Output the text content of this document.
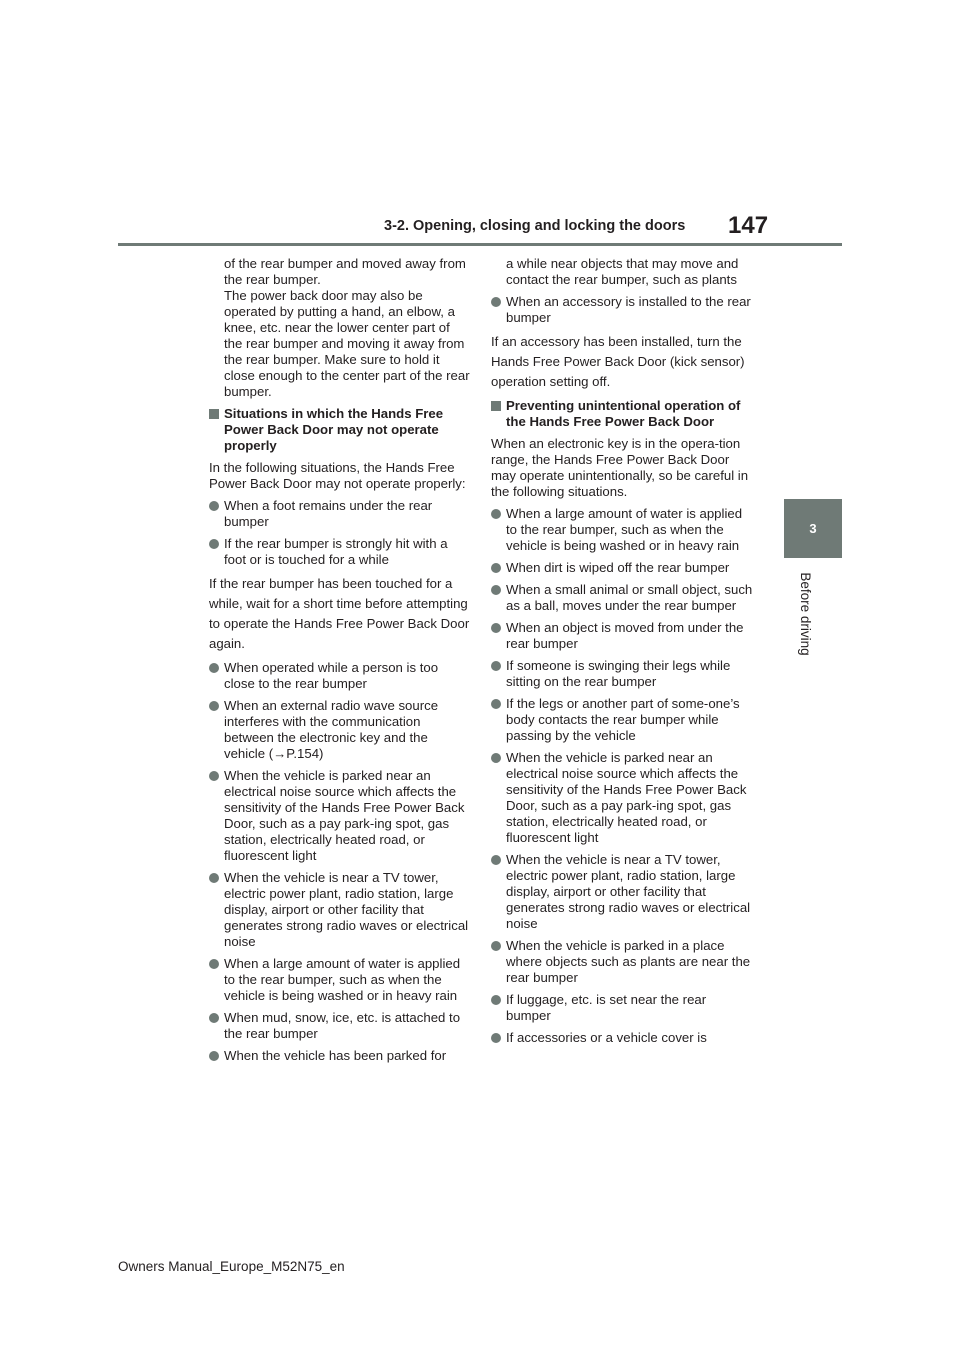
3-2. Opening, closing and locking the doors	147
3
Before driving
of the rear bumper and moved away from the rear bumper.
The power back door may also be operated by putting a hand, an elbow, a knee, etc. near the lower center part of the rear bumper and moving it away from the rear bumper. Make sure to hold it close enough to the center part of the rear bumper.
Situations in which the Hands Free Power Back Door may not operate properly
In the following situations, the Hands Free Power Back Door may not operate properly:
When a foot remains under the rear bumper
If the rear bumper is strongly hit with a foot or is touched for a while
If the rear bumper has been touched for a while, wait for a short time before attempting to operate the Hands Free Power Back Door again.
When operated while a person is too close to the rear bumper
When an external radio wave source interferes with the communication between the electronic key and the vehicle (→P.154)
When the vehicle is parked near an electrical noise source which affects the sensitivity of the Hands Free Power Back Door, such as a pay park-ing spot, gas station, electrically heated road, or fluorescent light
When the vehicle is near a TV tower, electric power plant, radio station, large display, airport or other facility that generates strong radio waves or electrical noise
When a large amount of water is applied to the rear bumper, such as when the vehicle is being washed or in heavy rain
When mud, snow, ice, etc. is attached to the rear bumper
When the vehicle has been parked for
a while near objects that may move and contact the rear bumper, such as plants
When an accessory is installed to the rear bumper
If an accessory has been installed, turn the Hands Free Power Back Door (kick sensor) operation setting off.
Preventing unintentional operation of the Hands Free Power Back Door
When an electronic key is in the opera-tion range, the Hands Free Power Back Door may operate unintentionally, so be careful in the following situations.
When a large amount of water is applied to the rear bumper, such as when the vehicle is being washed or in heavy rain
When dirt is wiped off the rear bumper
When a small animal or small object, such as a ball, moves under the rear bumper
When an object is moved from under the rear bumper
If someone is swinging their legs while sitting on the rear bumper
If the legs or another part of some-one’s body contacts the rear bumper while passing by the vehicle
When the vehicle is parked near an electrical noise source which affects the sensitivity of the Hands Free Power Back Door, such as a pay park-ing spot, gas station, electrically heated road, or fluorescent light
When the vehicle is near a TV tower, electric power plant, radio station, large display, airport or other facility that generates strong radio waves or electrical noise
When the vehicle is parked in a place where objects such as plants are near the rear bumper
If luggage, etc. is set near the rear bumper
If accessories or a vehicle cover is
Owners Manual_Europe_M52N75_en
